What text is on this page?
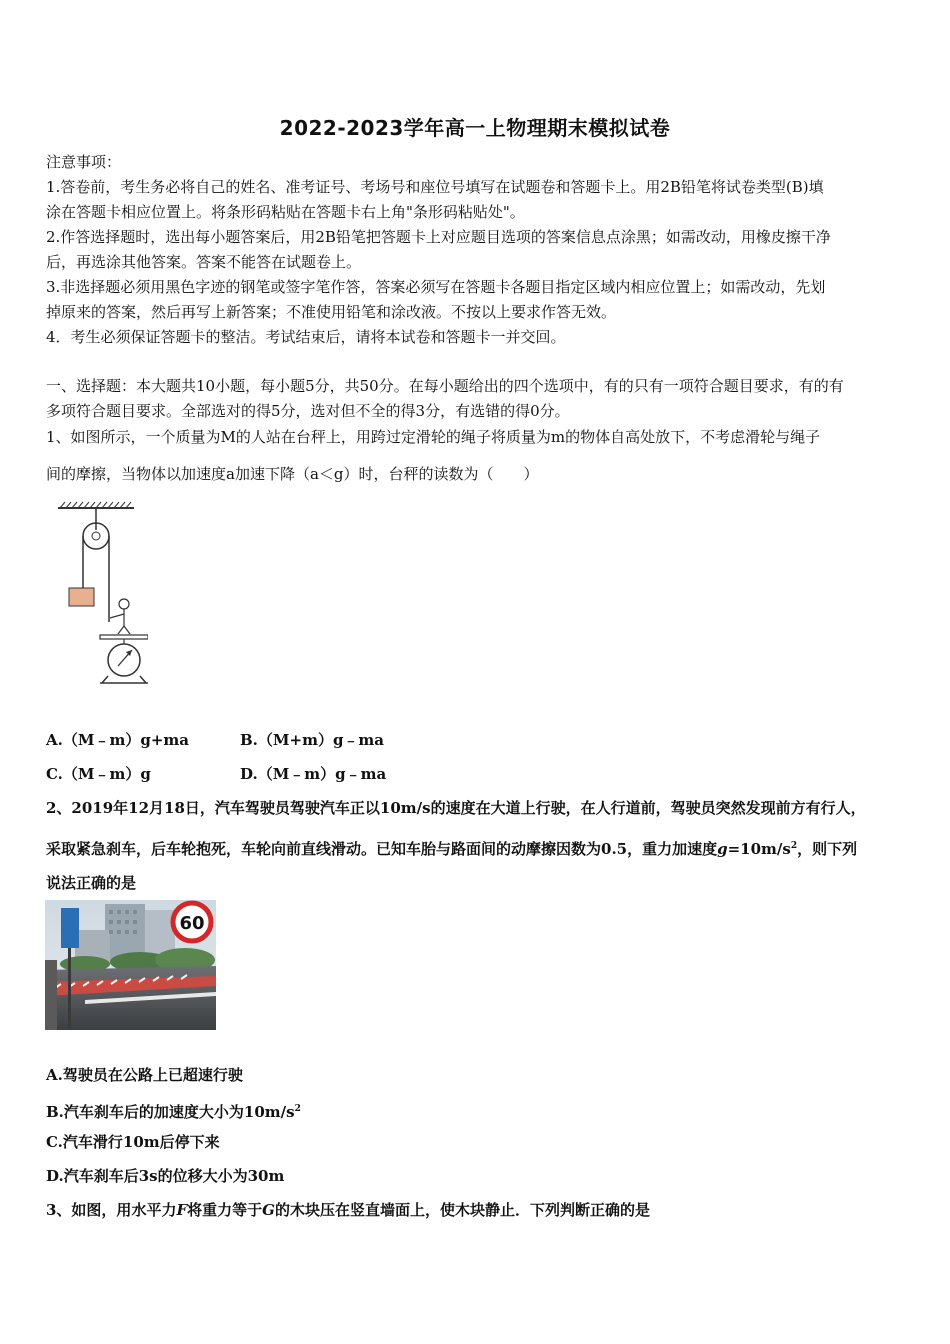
2022-2023学年高一上物理期末模拟试卷
注意事项：
1.答卷前，考生务必将自己的姓名、准考证号、考场号和座位号填写在试题卷和答题卡上。用2B铅笔将试卷类型(B)填
涂在答题卡相应位置上。将条形码粘贴在答题卡右上角"条形码粘贴处"。
2.作答选择题时，选出每小题答案后，用2B铅笔把答题卡上对应题目选项的答案信息点涂黑；如需改动，用橡皮擦干净
后，再选涂其他答案。答案不能答在试题卷上。
3.非选择题必须用黑色字迹的钢笔或签字笔作答，答案必须写在答题卡各题目指定区域内相应位置上；如需改动，先划
掉原来的答案，然后再写上新答案；不准使用铅笔和涂改液。不按以上要求作答无效。
4．考生必须保证答题卡的整洁。考试结束后，请将本试卷和答题卡一并交回。
一、选择题：本大题共10小题，每小题5分，共50分。在每小题给出的四个选项中，有的只有一项符合题目要求，有的有
多项符合题目要求。全部选对的得5分，选对但不全的得3分，有选错的得0分。
1、如图所示，一个质量为M的人站在台秤上，用跨过定滑轮的绳子将质量为m的物体自高处放下，不考虑滑轮与绳子
间的摩擦，当物体以加速度a加速下降（a＜g）时，台秤的读数为（　　）
A.（M﹣m）g+ma	B.（M+m）g﹣ma
C.（M﹣m）g	D.（M﹣m）g﹣ma
2、2019年12月18日，汽车驾驶员驾驶汽车正以10m/s的速度在大道上行驶，在人行道前，驾驶员突然发现前方有行人，
采取紧急刹车，后车轮抱死，车轮向前直线滑动。已知车胎与路面间的动摩擦因数为0.5，重力加速度$g=10m/s^2$，则下列
说法正确的是
60
A.驾驶员在公路上已超速行驶
B.汽车刹车后的加速度大小为$10m/s^2$
C.汽车滑行10m后停下来
D.汽车刹车后3s的位移大小为30m
3、如图，用水平力F将重力等于G的木块压在竖直墙面上，使木块静止．下列判断正确的是
